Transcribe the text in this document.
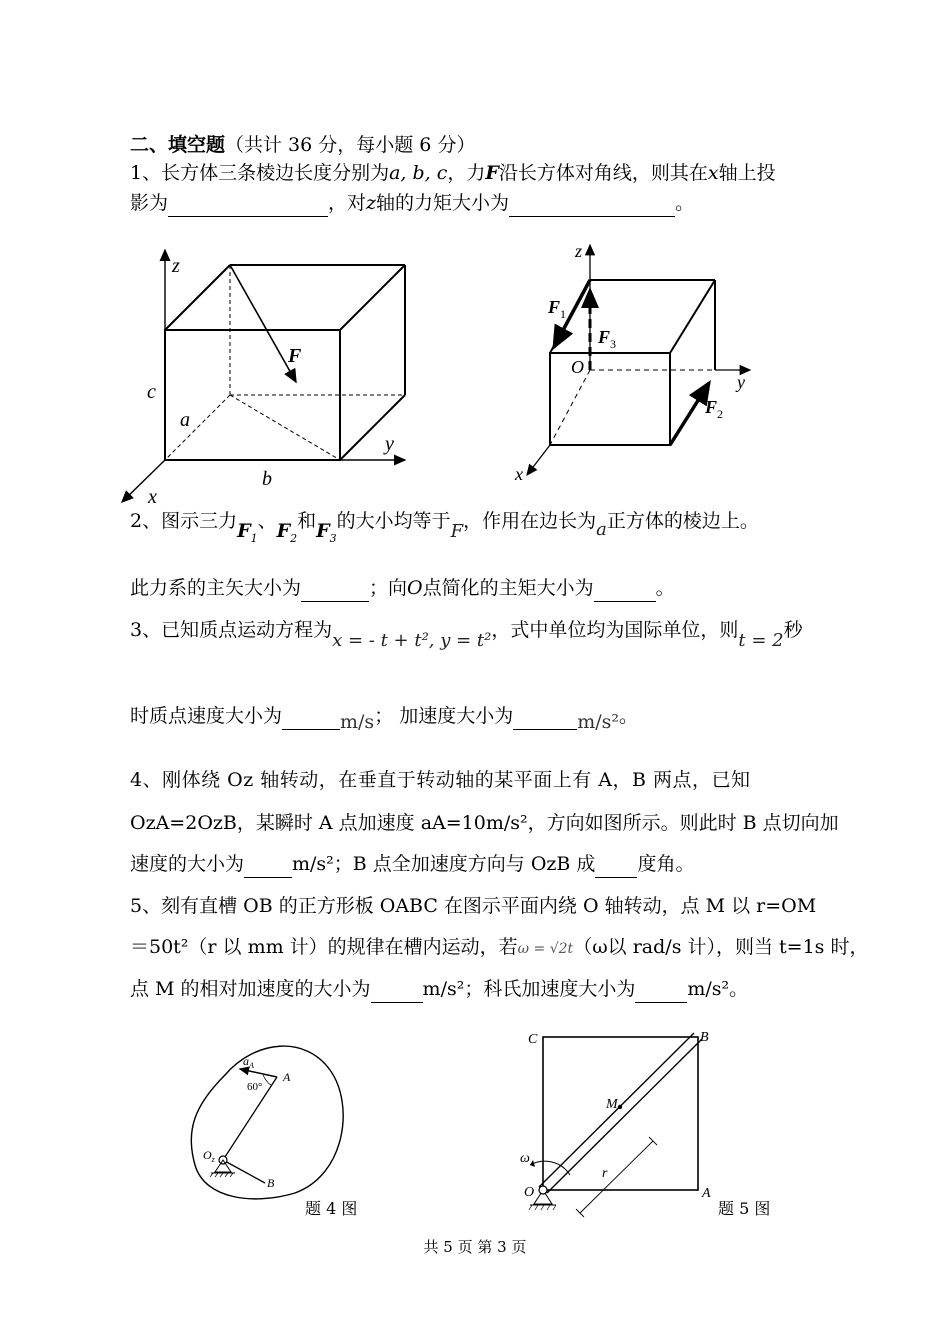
二、填空题（共计 36 分，每小题 6 分）
1、长方体三条棱边长度分别为a, b, c，力F沿长方体对角线，则其在x轴上投
影为	，对z轴的力矩大小为	。
z
y
x
c
a
b
F
z
y
x
O
$F_1$
$F_3$
$F_2$
2、图示三力$F_1$、$F_2$和$F_3$的大小均等于F，作用在边长为a正方体的棱边上。
此力系的主矢大小为	；向O点简化的主矩大小为	。
3、已知质点运动方程为x = - t + t², y = t²，式中单位均为国际单位，则t = 2秒
时质点速度大小为	m/s； 加速度大小为	m/s²。
4、刚体绕 Oz 轴转动，在垂直于转动轴的某平面上有 A，B 两点，已知
OzA=2OzB，某瞬时 A 点加速度 aA=10m/s²，方向如图所示。则此时 B 点切向加
速度的大小为	m/s²；B 点全加速度方向与 OzB 成 度角。
5、刻有直槽 OB 的正方形板 OABC 在图示平面内绕 O 轴转动，点 M 以 r=OM
＝50t²（r 以 mm 计）的规律在槽内运动，若ω = √2t（ω以 rad/s 计），则当 t=1s 时，
点 M 的相对加速度的大小为	m/s²；科氏加速度大小为	m/s²。
$a_A$
60°
A
$O_z$
B
题 4 图
C	B
M
ω
r
O	A
题 5 图
共 5 页 第 3 页
